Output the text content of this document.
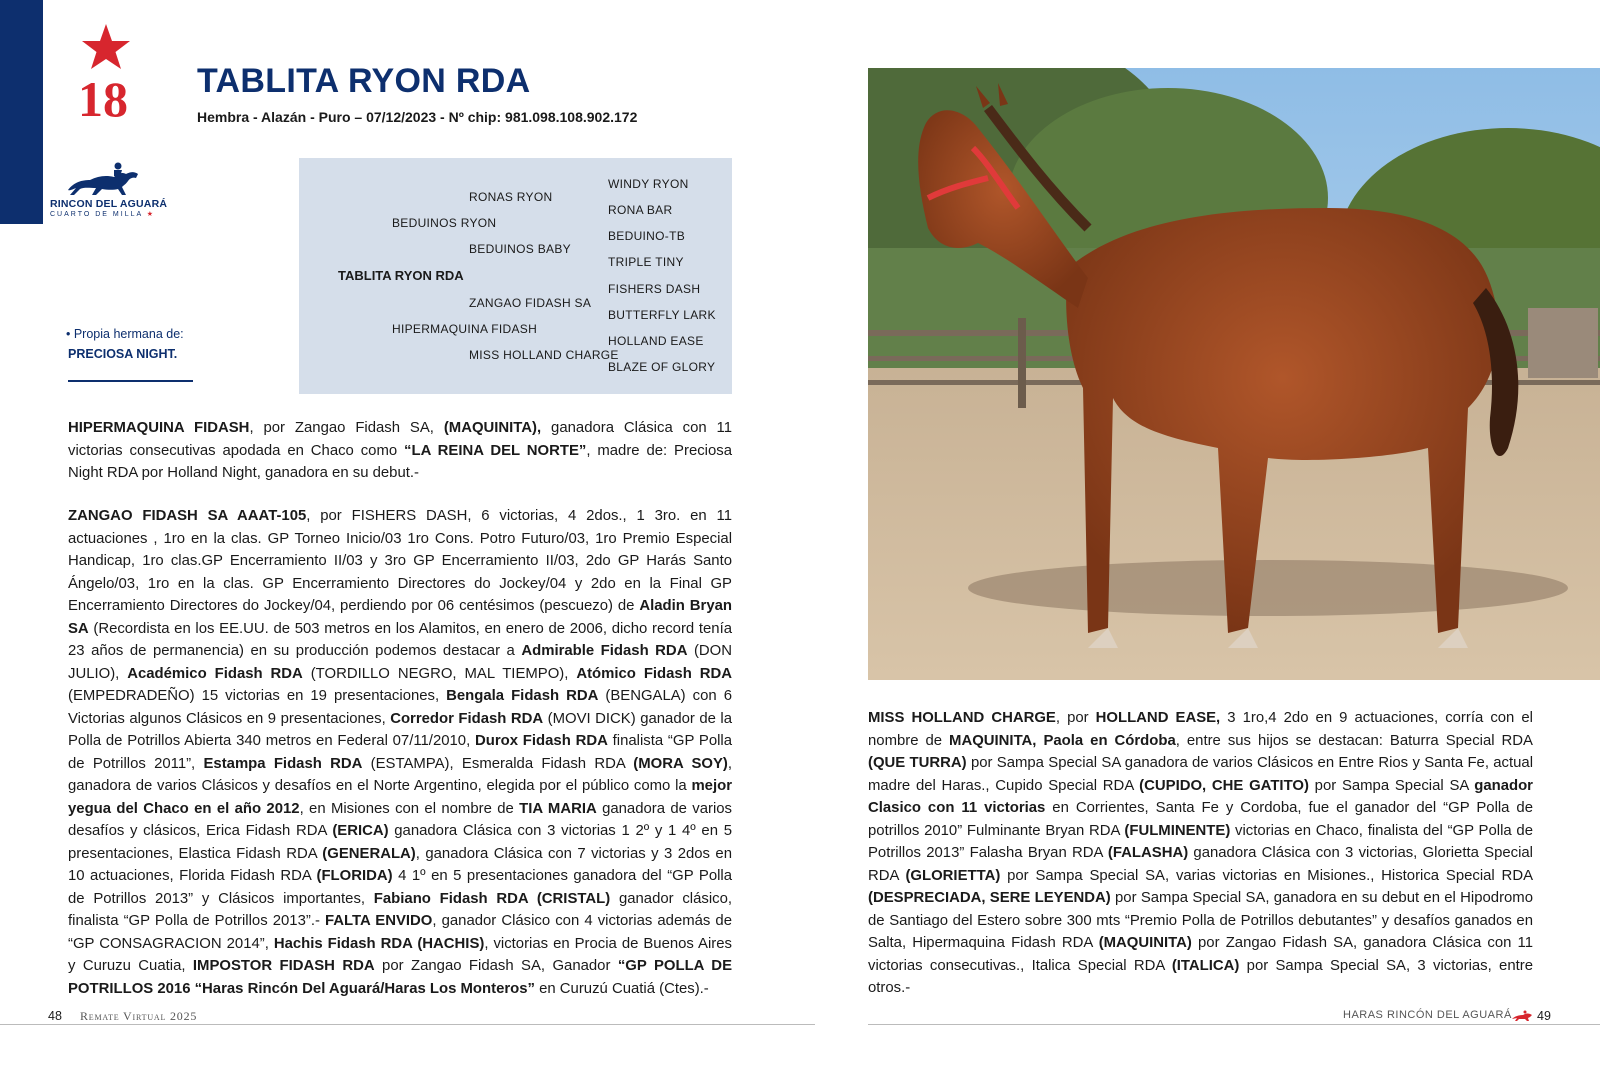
18
RINCON DEL AGUARÁ
CUARTO DE MILLA ★
TABLITA RYON RDA
Hembra - Alazán - Puro – 07/12/2023 - Nº chip: 981.098.108.902.172
TABLITA RYON RDA
BEDUINOS RYON
HIPERMAQUINA FIDASH
RONAS RYON
BEDUINOS BABY
ZANGAO FIDASH SA
MISS HOLLAND CHARGE
WINDY RYON
RONA BAR
BEDUINO-TB
TRIPLE TINY
FISHERS DASH
BUTTERFLY LARK
HOLLAND EASE
BLAZE OF GLORY
• Propia hermana de:
PRECIOSA NIGHT.

HIPERMAQUINA FIDASH, por Zangao Fidash SA, (MAQUINITA), ganadora Clásica con 11 victorias consecutivas apodada en Chaco como “LA REINA DEL NORTE”, madre de: Preciosa Night RDA por Holland Night, ganadora en su debut.-

ZANGAO FIDASH SA AAAT-105, por FISHERS DASH, 6 victorias, 4 2dos., 1 3ro. en 11 actuaciones , 1ro en la clas. GP Torneo Inicio/03 1ro Cons. Potro Futuro/03, 1ro Premio Especial Handicap, 1ro clas.GP Encerramiento II/03 y 3ro GP Encerramiento II/03, 2do GP Harás Santo Ángelo/03, 1ro en la clas. GP Encerramiento Directores do Jockey/04 y 2do en la Final GP Encerramiento Directores do Jockey/04, perdiendo por 06 centésimos (pescuezo) de Aladin Bryan SA (Recordista en los EE.UU. de 503 metros en los Alamitos, en enero de 2006, dicho record tenía 23 años de permanencia) en su producción podemos destacar a Admirable Fidash RDA (DON JULIO), Académico Fidash RDA (TORDILLO NEGRO, MAL TIEMPO), Atómico Fidash RDA (EMPEDRADEÑO) 15 victorias en 19 presentaciones, Bengala Fidash RDA (BENGALA) con 6 Victorias algunos Clásicos en 9 presentaciones, Corredor Fidash RDA (MOVI DICK) ganador de la Polla de Potrillos Abierta 340 metros en Federal 07/11/2010, Durox Fidash RDA finalista “GP Polla de Potrillos 2011”, Estampa Fidash RDA (ESTAMPA), Esmeralda Fidash RDA (MORA SOY), ganadora de varios Clásicos y desafíos en el Norte Argentino, elegida por el público como la mejor yegua del Chaco en el año 2012, en Misiones con el nombre de TIA MARIA ganadora de varios desafíos y clásicos, Erica Fidash RDA (ERICA) ganadora Clásica con 3 victorias 1 2º y 1 4º en 5 presentaciones, Elastica Fidash RDA (GENERALA), ganadora Clásica con 7 victorias y 3 2dos en 10 actuaciones, Florida Fidash RDA (FLORIDA) 4 1º en 5 presentaciones ganadora del “GP Polla de Potrillos 2013” y Clásicos importantes, Fabiano Fidash RDA (CRISTAL) ganador clásico, finalista “GP Polla de Potrillos 2013”.- FALTA ENVIDO, ganador Clásico con 4 victorias además de “GP CONSAGRACION 2014”, Hachis Fidash RDA (HACHIS), victorias en Procia de Buenos Aires y Curuzu Cuatia, IMPOSTOR FIDASH RDA por Zangao Fidash SA, Ganador “GP POLLA DE POTRILLOS 2016 “Haras Rincón Del Aguará/Haras Los Monteros” en Curuzú Cuatiá (Ctes).-

MISS HOLLAND CHARGE, por HOLLAND EASE, 3 1ro,4 2do en 9 actuaciones, corría con el nombre de MAQUINITA, Paola en Córdoba, entre sus hijos se destacan: Baturra Special RDA (QUE TURRA) por Sampa Special SA ganadora de varios Clásicos en Entre Rios y Santa Fe, actual madre del Haras., Cupido Special RDA (CUPIDO, CHE GATITO) por Sampa Special SA ganador Clasico con 11 victorias en Corrientes, Santa Fe y Cordoba, fue el ganador del “GP Polla de potrillos 2010” Fulminante Bryan RDA (FULMINENTE) victorias en Chaco, finalista del “GP Polla de Potrillos 2013” Falasha Bryan RDA (FALASHA) ganadora Clásica con 3 victorias, Glorietta Special RDA (GLORIETTA) por Sampa Special SA, varias victorias en Misiones., Historica Special RDA (DESPRECIADA, SERE LEYENDA) por Sampa Special SA, ganadora en su debut en el Hipodromo de Santiago del Estero sobre 300 mts “Premio Polla de Potrillos debutantes” y desafíos ganados en Salta, Hipermaquina Fidash RDA (MAQUINITA) por Zangao Fidash SA, ganadora Clásica con 11 victorias consecutivas., Italica Special RDA (ITALICA) por Sampa Special SA, 3 victorias, entre otros.-

48 Remate Virtual 2025	HARAS RINCÓN DEL AGUARÁ 49
